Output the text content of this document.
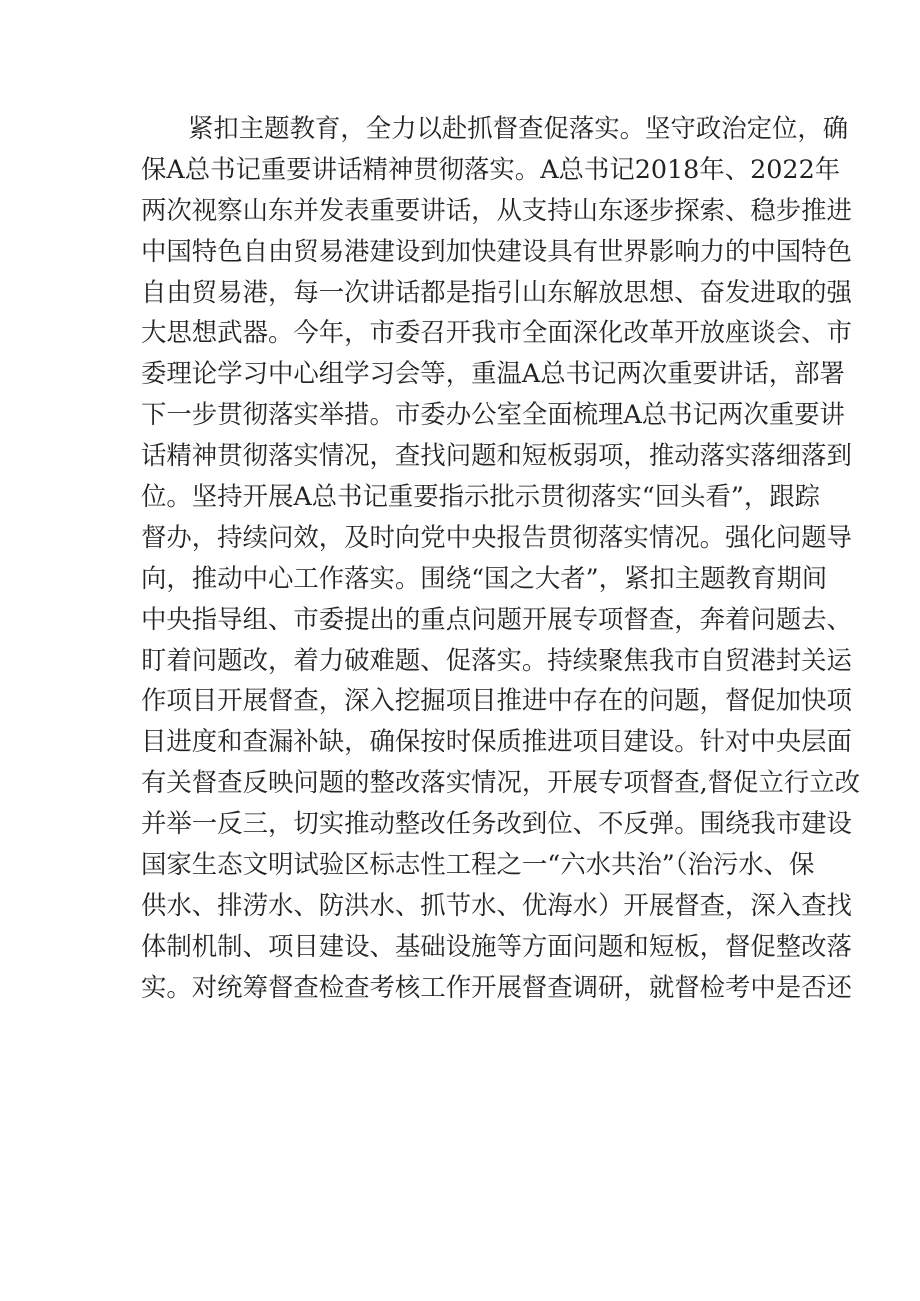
紧扣主题教育，全力以赴抓督查促落实。坚守政治定位，确
保A总书记重要讲话精神贯彻落实。A总书记2018年、2022年
两次视察山东并发表重要讲话，从支持山东逐步探索、稳步推进
中国特色自由贸易港建设到加快建设具有世界影响力的中国特色
自由贸易港，每一次讲话都是指引山东解放思想、奋发进取的强
大思想武器。今年，市委召开我市全面深化改革开放座谈会、市
委理论学习中心组学习会等，重温A总书记两次重要讲话，部署
下一步贯彻落实举措。市委办公室全面梳理A总书记两次重要讲
话精神贯彻落实情况，查找问题和短板弱项，推动落实落细落到
位。坚持开展A总书记重要指示批示贯彻落实“回头看”，跟踪
督办，持续问效，及时向党中央报告贯彻落实情况。强化问题导
向，推动中心工作落实。围绕“国之大者”，紧扣主题教育期间
中央指导组、市委提出的重点问题开展专项督查，奔着问题去、
盯着问题改，着力破难题、促落实。持续聚焦我市自贸港封关运
作项目开展督查，深入挖掘项目推进中存在的问题，督促加快项
目进度和查漏补缺，确保按时保质推进项目建设。针对中央层面
有关督查反映问题的整改落实情况，开展专项督查,督促立行立改
并举一反三，切实推动整改任务改到位、不反弹。围绕我市建设
国家生态文明试验区标志性工程之一“六水共治”（治污水、保
供水、排涝水、防洪水、抓节水、优海水）开展督查，深入查找
体制机制、项目建设、基础设施等方面问题和短板，督促整改落
实。对统筹督查检查考核工作开展督查调研，就督检考中是否还
